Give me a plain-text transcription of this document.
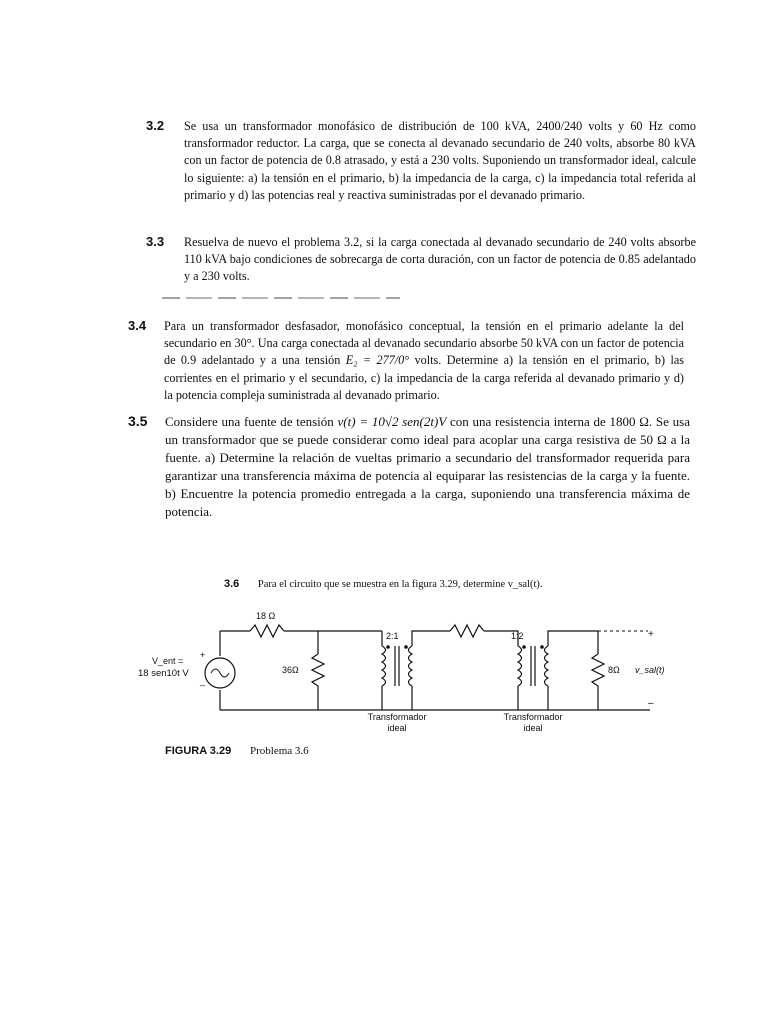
3.2	Se usa un transformador monofásico de distribución de 100 kVA, 2400/240 volts y 60 Hz como transformador reductor. La carga, que se conecta al devanado secundario de 240 volts, absorbe 80 kVA con un factor de potencia de 0.8 atrasado, y está a 230 volts. Suponiendo un transformador ideal, calcule lo siguiente: a) la tensión en el primario, b) la impedancia de la carga, c) la impedancia total referida al primario y d) las potencias real y reactiva suministradas por el devanado primario.
3.3	Resuelva de nuevo el problema 3.2, si la carga conectada al devanado secundario de 240 volts absorbe 110 kVA bajo condiciones de sobrecarga de corta duración, con un factor de potencia de 0.85 adelantado y a 230 volts.
3.4	Para un transformador desfasador, monofásico conceptual, la tensión en el primario adelante la del secundario en 30°. Una carga conectada al devanado secundario absorbe 50 kVA con un factor de potencia de 0.9 adelantado y a una tensión E₂ = 277/0° volts. Determine a) la tensión en el primario, b) las corrientes en el primario y el secundario, c) la impedancia de la carga referida al devanado primario y d) la potencia compleja suministrada al devanado primario.
3.5	Considere una fuente de tensión v(t) = 10√2 sen(2t)V con una resistencia interna de 1800 Ω. Se usa un transformador que se puede considerar como ideal para acoplar una carga resistiva de 50 Ω a la fuente. a) Determine la relación de vueltas primario a secundario del transformador requerida para garantizar una transferencia máxima de potencia al equiparar las resistencias de la carga y la fuente. b) Encuentre la potencia promedio entregada a la carga, suponiendo una transferencia máxima de potencia.
3.6 Para el circuito que se muestra en la figura 3.29, determine v_sal(t).
V_ent =
18 sen10t V
+
_
18 Ω
36Ω
2:1	1:2
8Ω v_sal(t)
+
–
Transformador
ideal
Transformador
ideal
FIGURA 3.29 Problema 3.6
